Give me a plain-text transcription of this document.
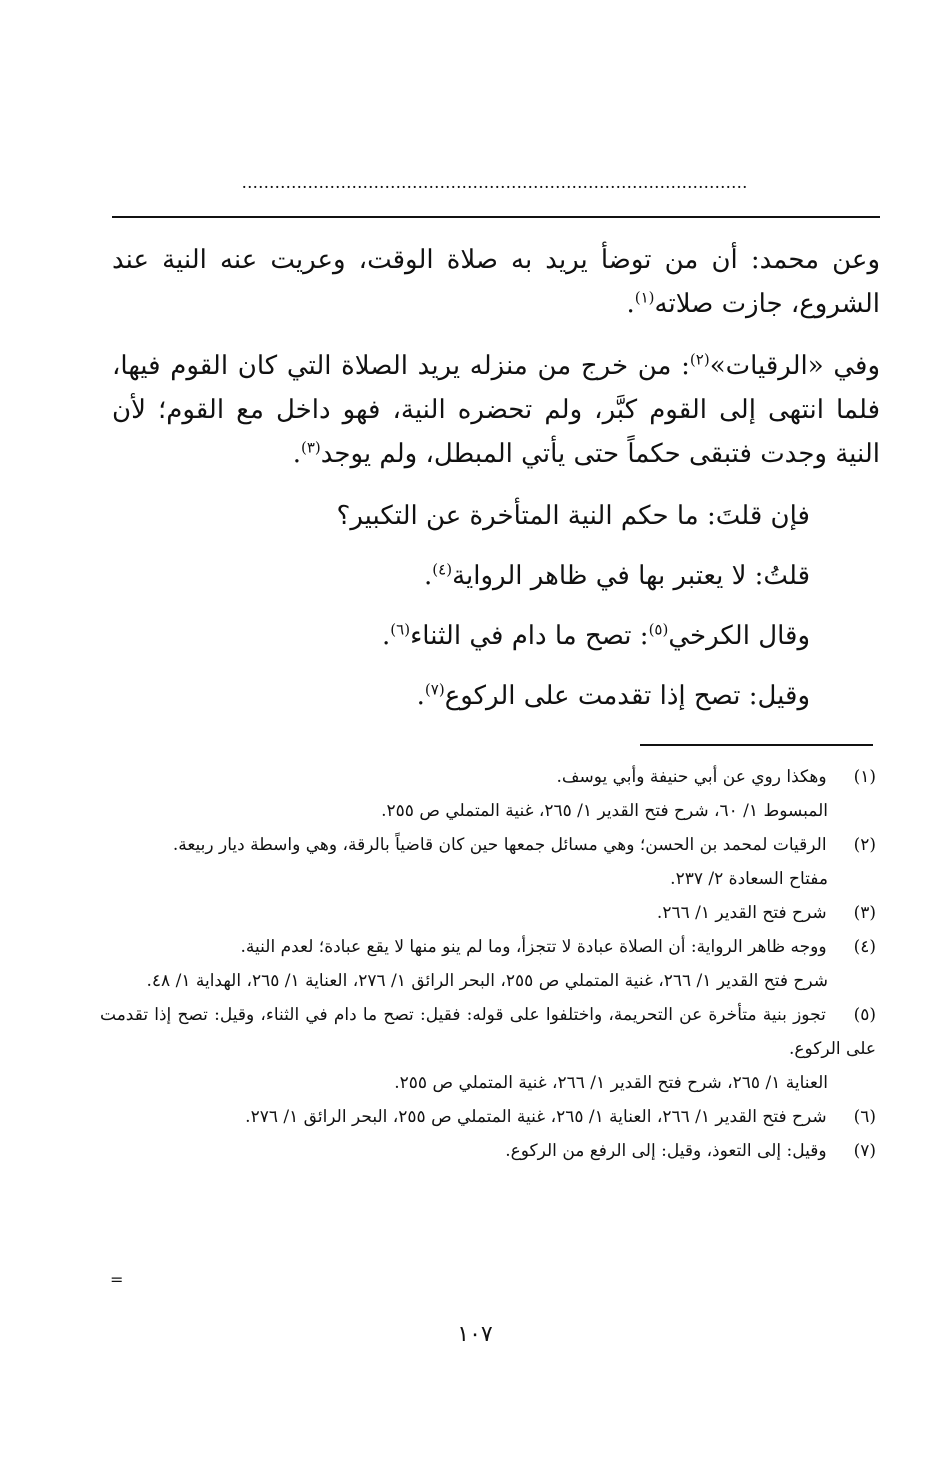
............................................................................................

وعن محمد: أن من توضأ يريد به صلاة الوقت، وعريت عنه النية عند الشروع، جازت صلاته$^{(١)}$.

وفي «الرقيات»$^{(٢)}$: من خرج من منزله يريد الصلاة التي كان القوم فيها، فلما انتهى إلى القوم كبَّر، ولم تحضره النية، فهو داخل مع القوم؛ لأن النية وجدت فتبقى حكماً حتى يأتي المبطل، ولم يوجد$^{(٣)}$.

فإن قلتَ: ما حكم النية المتأخرة عن التكبير؟

قلتُ: لا يعتبر بها في ظاهر الرواية$^{(٤)}$.

وقال الكرخي$^{(٥)}$: تصح ما دام في الثناء$^{(٦)}$.

وقيل: تصح إذا تقدمت على الركوع$^{(٧)}$.

(١) وهكذا روي عن أبي حنيفة وأبي يوسف.

المبسوط ١/ ٦٠، شرح فتح القدير ١/ ٢٦٥، غنية المتملي ص ٢٥٥.

(٢) الرقيات لمحمد بن الحسن؛ وهي مسائل جمعها حين كان قاضياً بالرقة، وهي واسطة ديار ربيعة.

مفتاح السعادة ٢/ ٢٣٧.

(٣) شرح فتح القدير ١/ ٢٦٦.

(٤) ووجه ظاهر الرواية: أن الصلاة عبادة لا تتجزأ، وما لم ينو منها لا يقع عبادة؛ لعدم النية.

شرح فتح القدير ١/ ٢٦٦، غنية المتملي ص ٢٥٥، البحر الرائق ١/ ٢٧٦، العناية ١/ ٢٦٥، الهداية ١/ ٤٨.

(٥) تجوز بنية متأخرة عن التحريمة، واختلفوا على قوله: فقيل: تصح ما دام في الثناء، وقيل: تصح إذا تقدمت على الركوع.

العناية ١/ ٢٦٥، شرح فتح القدير ١/ ٢٦٦، غنية المتملي ص ٢٥٥.

(٦) شرح فتح القدير ١/ ٢٦٦، العناية ١/ ٢٦٥، غنية المتملي ص ٢٥٥، البحر الرائق ١/ ٢٧٦.

(٧) وقيل: إلى التعوذ، وقيل: إلى الرفع من الركوع.

=
١٠٧
